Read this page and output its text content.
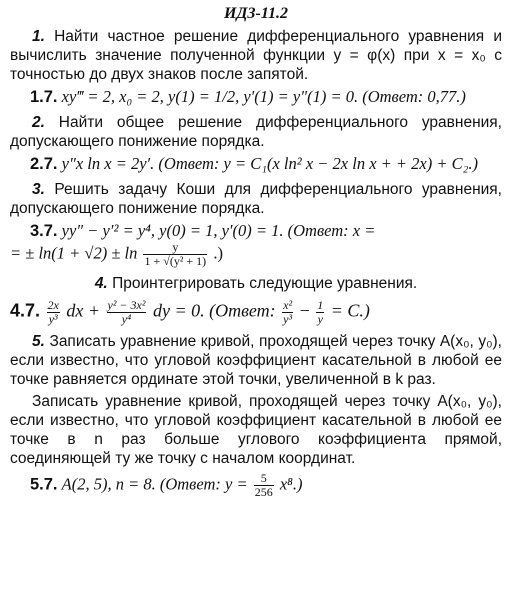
ИДЗ-11.2

1. Найти частное решение дифференциального уравнения и вычислить значение полученной функции y = φ(x) при x = x₀ с точностью до двух знаков после запятой.

1.7. xy‴ = 2, x₀ = 2, y(1) = 1/2, y′(1) = y″(1) = 0. (Ответ: 0,77.)

2. Найти общее решение дифференциального уравнения, допускающего понижение порядка.

2.7. y″x ln x = 2y′. (Ответ: y = C₁(x ln² x − 2x ln x + + 2x) + C₂.)

3. Решить задачу Коши для дифференциального уравнения, допускающего понижение порядка.

3.7. yy″ − y′² = y⁴, y(0) = 1, y′(0) = 1. (Ответ: x =
= ± $\ln(1 + √2) \pm \ln \frac{y}{\text{1 + √(y² + 1)}}$ .)

4. Проинтегрировать следующие уравнения.

4.7. $\frac{2x}{\text{y³}}$ dx + $\frac{\text{y² − 3x²}}{\text{y⁴}}$ dy = 0. (Ответ: $\frac{\text{x²}}{\text{y³}} - \frac{1}{y} = C$.)

5. Записать уравнение кривой, проходящей через точку A(x₀, y₀), если известно, что угловой коэффициент касательной в любой ее точке равняется ординате этой точки, увеличенной в k раз.

Записать уравнение кривой, проходящей через точку A(x₀, y₀), если известно, что угловой коэффициент касательной в любой ее точке в n раз больше углового коэффициента прямой, соединяющей ту же точку с началом координат.

5.7. A(2, 5), n = 8. (Ответ: $y = \frac{5}{256} x^8$.)
